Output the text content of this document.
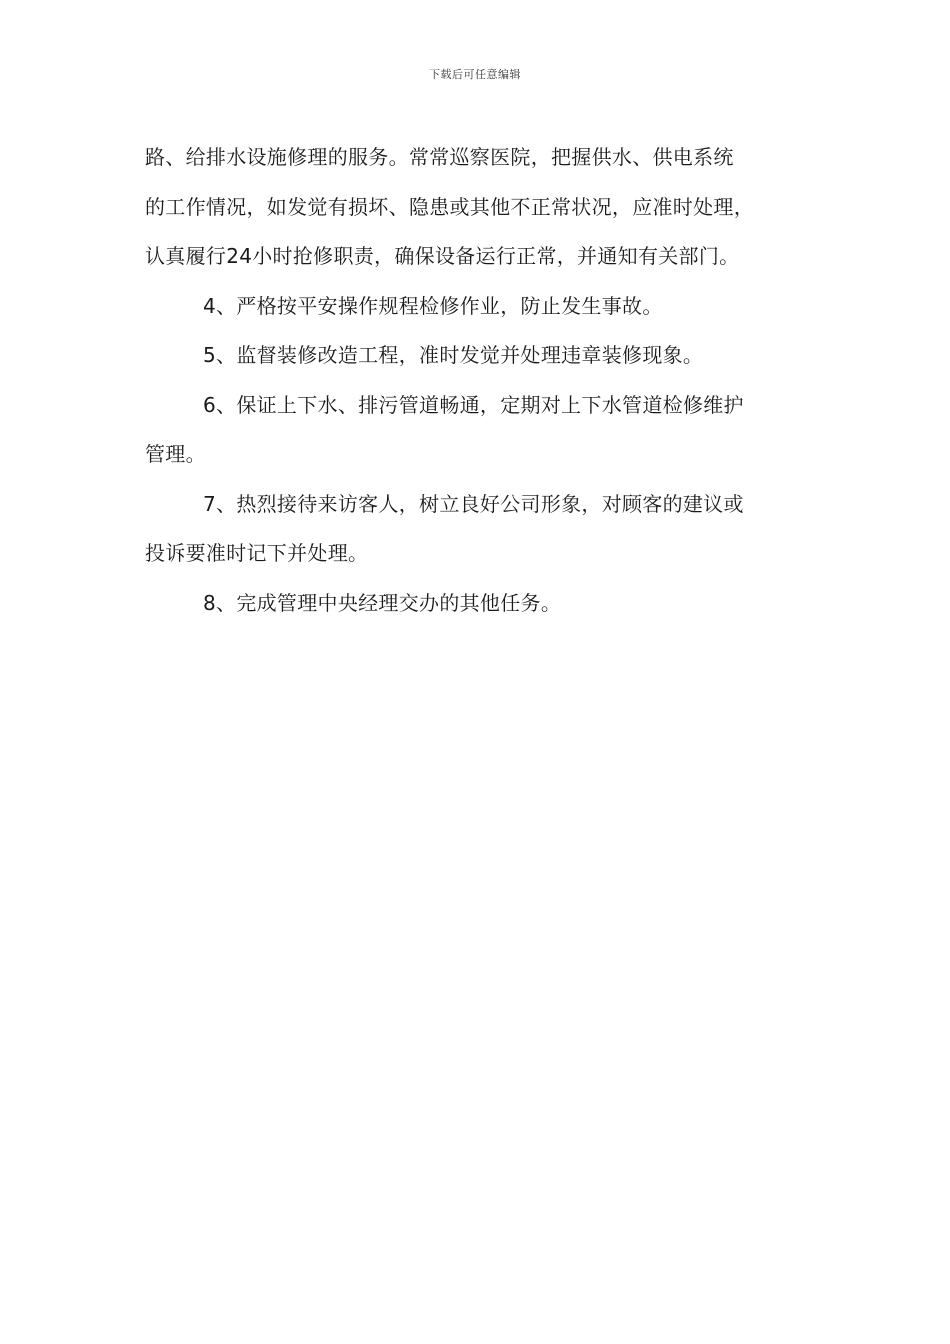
下载后可任意编辑
路、给排水设施修理的服务。常常巡察医院，把握供水、供电系统
的工作情况，如发觉有损坏、隐患或其他不正常状况，应准时处理，
认真履行24小时抢修职责，确保设备运行正常，并通知有关部门。
4、严格按平安操作规程检修作业，防止发生事故。
5、监督装修改造工程，准时发觉并处理违章装修现象。
6、保证上下水、排污管道畅通，定期对上下水管道检修维护
管理。
7、热烈接待来访客人，树立良好公司形象，对顾客的建议或
投诉要准时记下并处理。
8、完成管理中央经理交办的其他任务。
